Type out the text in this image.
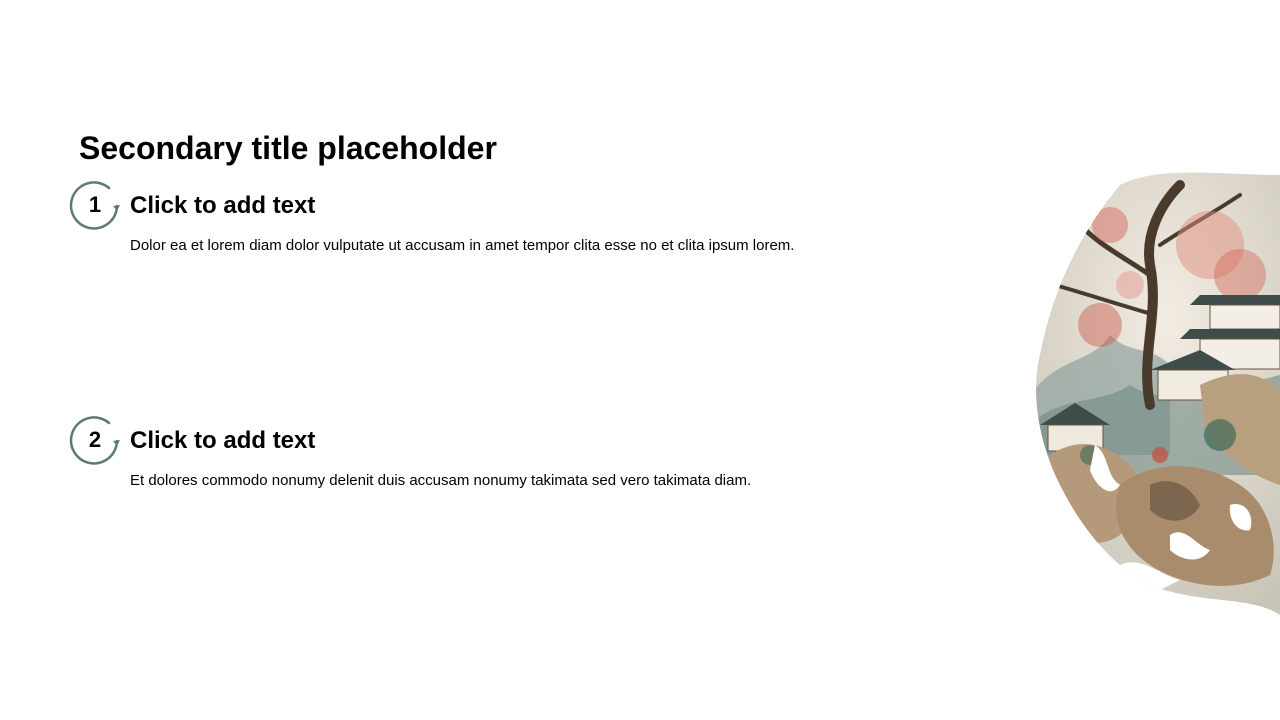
Secondary title placeholder
1	Click to add text
Dolor ea et lorem diam dolor vulputate ut accusam in amet tempor clita esse no et clita ipsum lorem.
2	Click to add text
Et dolores commodo nonumy delenit duis accusam nonumy takimata sed vero takimata diam.
